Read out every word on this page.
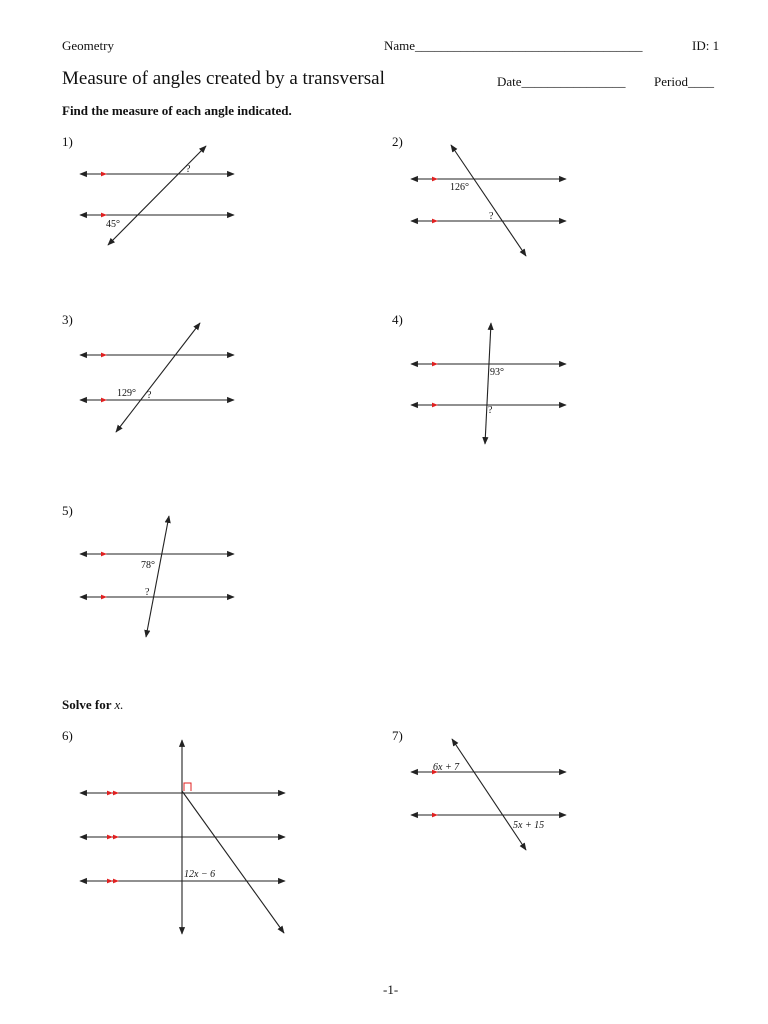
Geometry	Name___________________________________	ID: 1
Measure of angles created by a transversal	Date________________ Period____
Find the measure of each angle indicated.
1)	2)
3)	4)
5)
Solve for x.
6)	7)
-1-
?
45°
126°
?
129° ?
93°
?
78°
?
12x − 6
6x + 7
5x + 15
